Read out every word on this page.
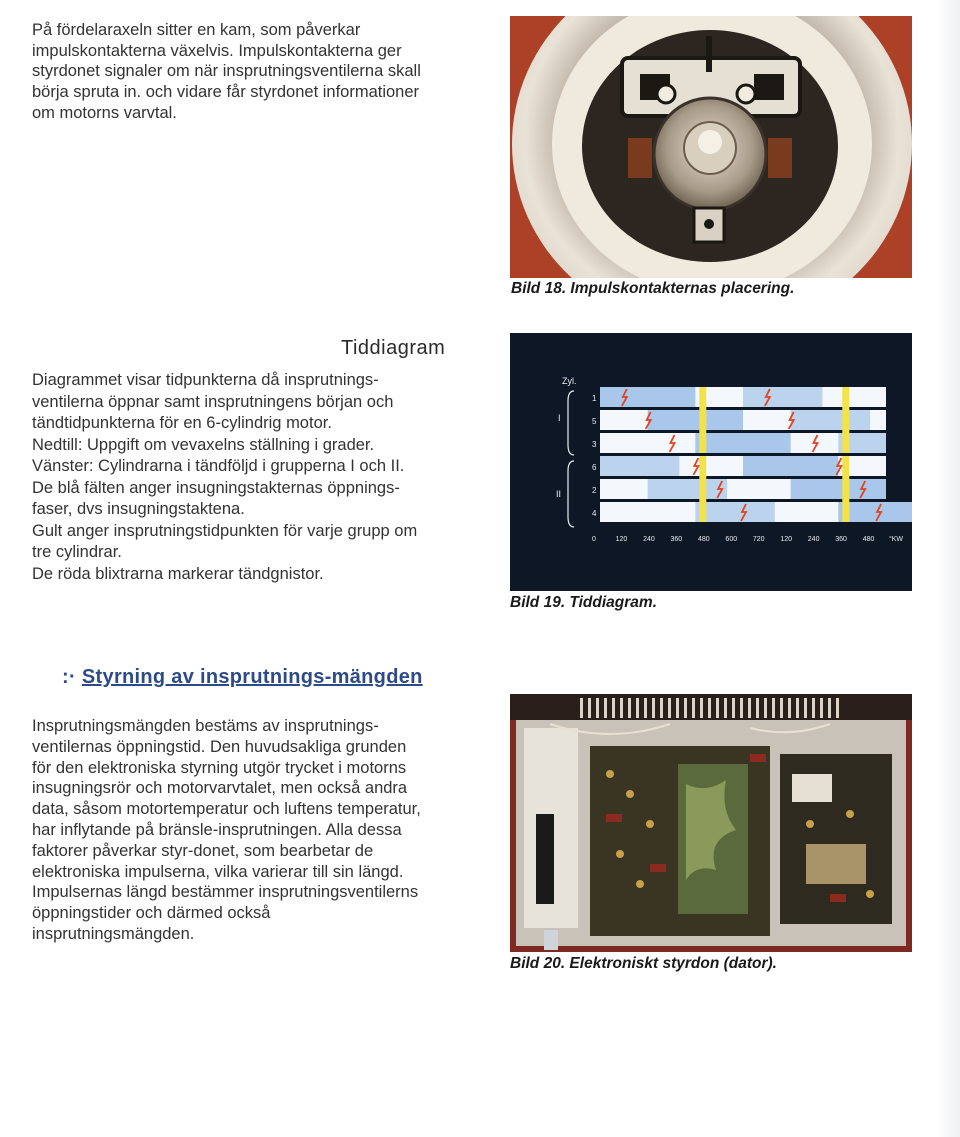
På fördelaraxeln sitter en kam, som påverkar
impulskontakterna växelvis. Impulskontakterna ger
styrdonet signaler om när insprutningsventilerna skall
börja spruta in. och vidare får styrdonet informationer
om motorns varvtal.
Bild 18. Impulskontakternas placering.
Tiddiagram
Diagrammet visar tidpunkterna då insprutnings-
ventilerna öppnar samt insprutningens början och
tändtidpunkterna för en 6-cylindrig motor.
Nedtill: Uppgift om vevaxelns ställning i grader.
Vänster: Cylindrarna i tändföljd i grupperna I och II.
De blå fälten anger insugningstakternas öppnings-
faser, dvs insugningstaktena.
Gult anger insprutningstidpunkten för varje grupp om
tre cylindrar.
De röda blixtrarna markerar tändgnistor.
Zyl.
I
II
1
5
3
6
2
4
0	120 240 360 480 600 720 120 240 360 480 °KW
Bild 19. Tiddiagram.
:· Styrning av insprutnings-mängden
Insprutningsmängden bestäms av insprutnings-
ventilernas öppningstid. Den huvudsakliga grunden
för den elektroniska styrning utgör trycket i motorns
insugningsrör och motorvarvtalet, men också andra
data, såsom motortemperatur och luftens temperatur,
har inflytande på bränsle-insprutningen. Alla dessa
faktorer påverkar styr-donet, som bearbetar de
elektroniska impulserna, vilka varierar till sin längd.
Impulsernas längd bestämmer insprutningsventilerns
öppningstider och därmed också
insprutningsmängden.
Bild 20. Elektroniskt styrdon (dator).
